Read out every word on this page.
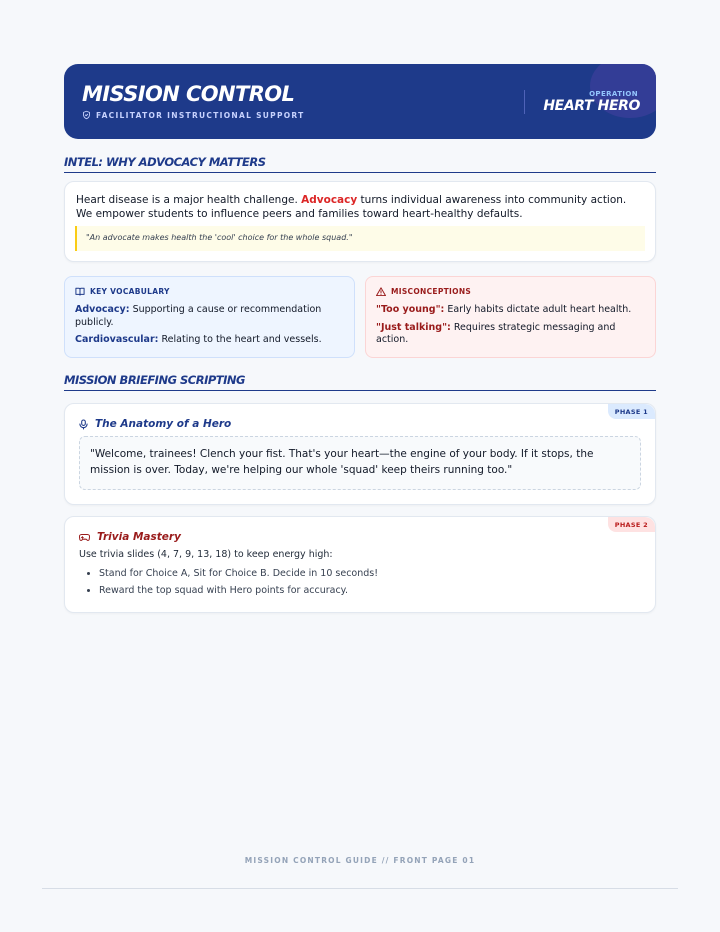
MISSION CONTROL
FACILITATOR INSTRUCTIONAL SUPPORT
OPERATION
HEART HERO
INTEL: WHY ADVOCACY MATTERS
Heart disease is a major health challenge. Advocacy turns individual awareness into community action. We empower students to influence peers and families toward heart-healthy defaults.
"An advocate makes health the 'cool' choice for the whole squad."
KEY VOCABULARY
Advocacy: Supporting a cause or recommendation publicly.
Cardiovascular: Relating to the heart and vessels.
MISCONCEPTIONS
"Too young": Early habits dictate adult heart health.
"Just talking": Requires strategic messaging and action.
MISSION BRIEFING SCRIPTING
PHASE 1
The Anatomy of a Hero
"Welcome, trainees! Clench your fist. That's your heart—the engine of your body. If it stops, the mission is over. Today, we're helping our whole 'squad' keep theirs running too."
PHASE 2
Trivia Mastery
Use trivia slides (4, 7, 9, 13, 18) to keep energy high:
• Stand for Choice A, Sit for Choice B. Decide in 10 seconds!
• Reward the top squad with Hero points for accuracy.
MISSION CONTROL GUIDE // FRONT PAGE 01
